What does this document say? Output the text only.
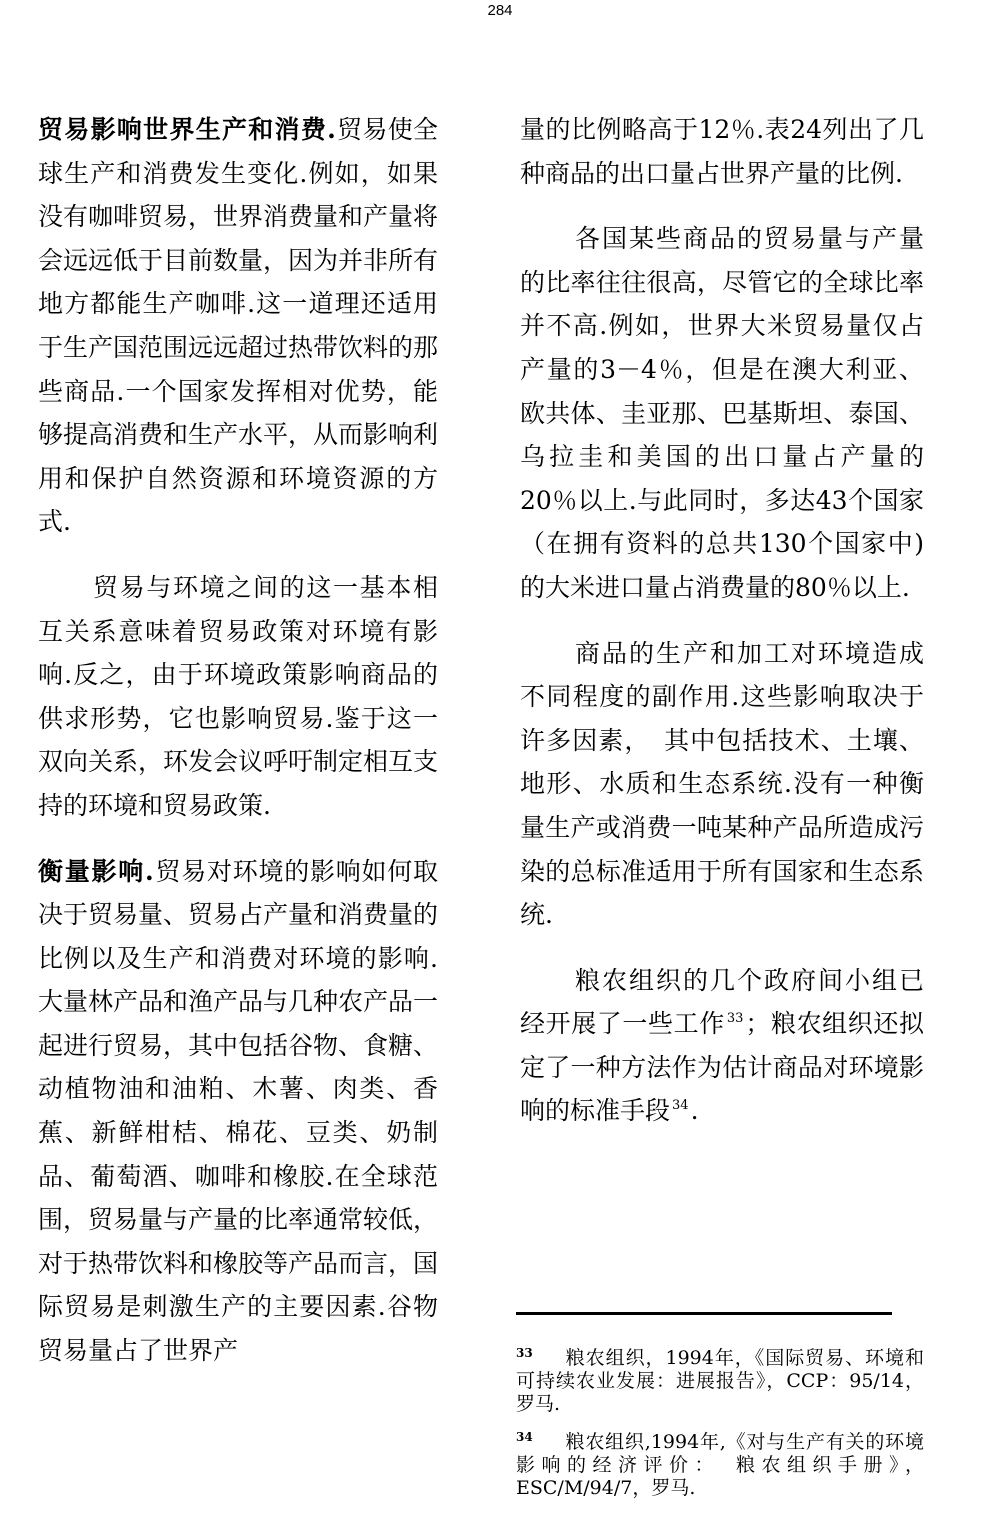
284

贸易影响世界生产和消费.贸易使全球生产和消费发生变化.例如，如果没有咖啡贸易，世界消费量和产量将会远远低于目前数量，因为并非所有地方都能生产咖啡.这一道理还适用于生产国范围远远超过热带饮料的那些商品.一个国家发挥相对优势，能够提高消费和生产水平，从而影响利用和保护自然资源和环境资源的方式.

贸易与环境之间的这一基本相互关系意味着贸易政策对环境有影响.反之，由于环境政策影响商品的供求形势，它也影响贸易.鉴于这一双向关系，环发会议呼吁制定相互支持的环境和贸易政策.

衡量影响.贸易对环境的影响如何取决于贸易量、贸易占产量和消费量的比例以及生产和消费对环境的影响.大量林产品和渔产品与几种农产品一起进行贸易，其中包括谷物、食糖、动植物油和油粕、木薯、肉类、香蕉、新鲜柑桔、棉花、豆类、奶制品、葡萄酒、咖啡和橡胶.在全球范围，贸易量与产量的比率通常较低，对于热带饮料和橡胶等产品而言，国际贸易是刺激生产的主要因素.谷物贸易量占了世界产

量的比例略高于12％.表24列出了几种商品的出口量占世界产量的比例.

各国某些商品的贸易量与产量的比率往往很高，尽管它的全球比率并不高.例如，世界大米贸易量仅占产量的3－4％，但是在澳大利亚、欧共体、圭亚那、巴基斯坦、泰国、乌拉圭和美国的出口量占产量的20％以上.与此同时，多达43个国家（在拥有资料的总共130个国家中)的大米进口量占消费量的80％以上.

商品的生产和加工对环境造成不同程度的副作用.这些影响取决于许多因素，　其中包括技术、土壤、地形、水质和生态系统.没有一种衡量生产或消费一吨某种产品所造成污染的总标准适用于所有国家和生态系统.

粮农组织的几个政府间小组已经开展了一些工作 $^{33}$；粮农组织还拟定了一种方法作为估计商品对环境影响的标准手段 $^{34}$.

$^{33}$ 粮农组织，1994年，《国际贸易、环境和可持续农业发展：进展报告》，CCP：95/14，罗马.
$^{34}$ 粮农组织,1994年,《对与生产有关的环境影响的经济评价：　粮农组织手册》，ESC/M/94/7，罗马.
